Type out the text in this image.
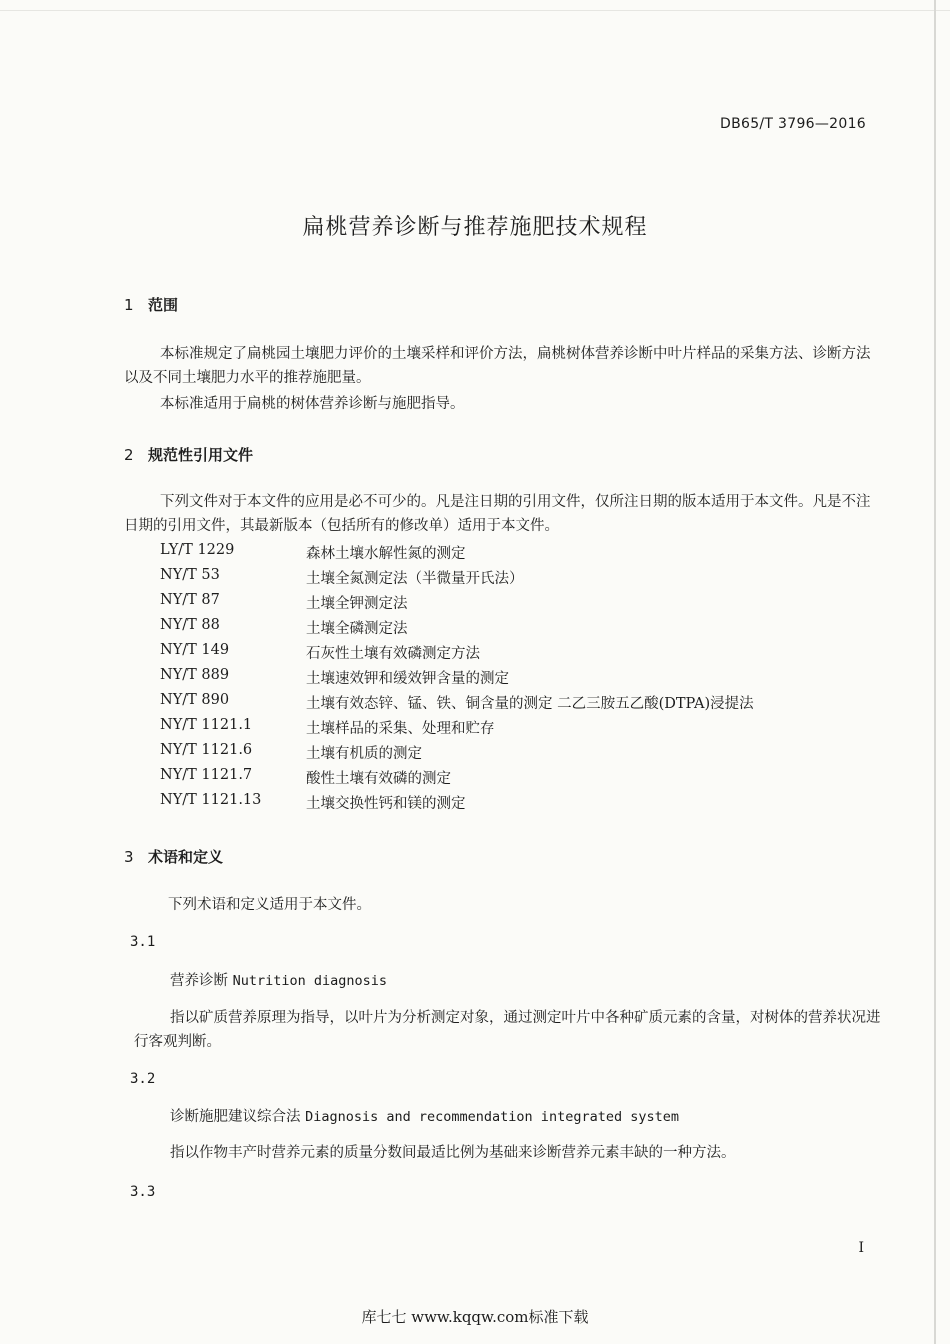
DB65/T 3796—2016
扁桃营养诊断与推荐施肥技术规程
1 范围
本标准规定了扁桃园土壤肥力评价的土壤采样和评价方法，扁桃树体营养诊断中叶片样品的采集方法、诊断方法以及不同土壤肥力水平的推荐施肥量。
本标准适用于扁桃的树体营养诊断与施肥指导。
2 规范性引用文件
下列文件对于本文件的应用是必不可少的。凡是注日期的引用文件，仅所注日期的版本适用于本文件。凡是不注日期的引用文件，其最新版本（包括所有的修改单）适用于本文件。
LY/T 1229	森林土壤水解性氮的测定
NY/T 53	土壤全氮测定法（半微量开氏法）
NY/T 87	土壤全钾测定法
NY/T 88	土壤全磷测定法
NY/T 149	石灰性土壤有效磷测定方法
NY/T 889	土壤速效钾和缓效钾含量的测定
NY/T 890	土壤有效态锌、锰、铁、铜含量的测定 二乙三胺五乙酸(DTPA)浸提法
NY/T 1121.1	土壤样品的采集、处理和贮存
NY/T 1121.6	土壤有机质的测定
NY/T 1121.7	酸性土壤有效磷的测定
NY/T 1121.13	土壤交换性钙和镁的测定
3 术语和定义
下列术语和定义适用于本文件。
3.1
营养诊断 Nutrition diagnosis
指以矿质营养原理为指导，以叶片为分析测定对象，通过测定叶片中各种矿质元素的含量，对树体的营养状况进行客观判断。
3.2
诊断施肥建议综合法 Diagnosis and recommendation integrated system
指以作物丰产时营养元素的质量分数间最适比例为基础来诊断营养元素丰缺的一种方法。
3.3
I
库七七 www.kqqw.com标准下载
